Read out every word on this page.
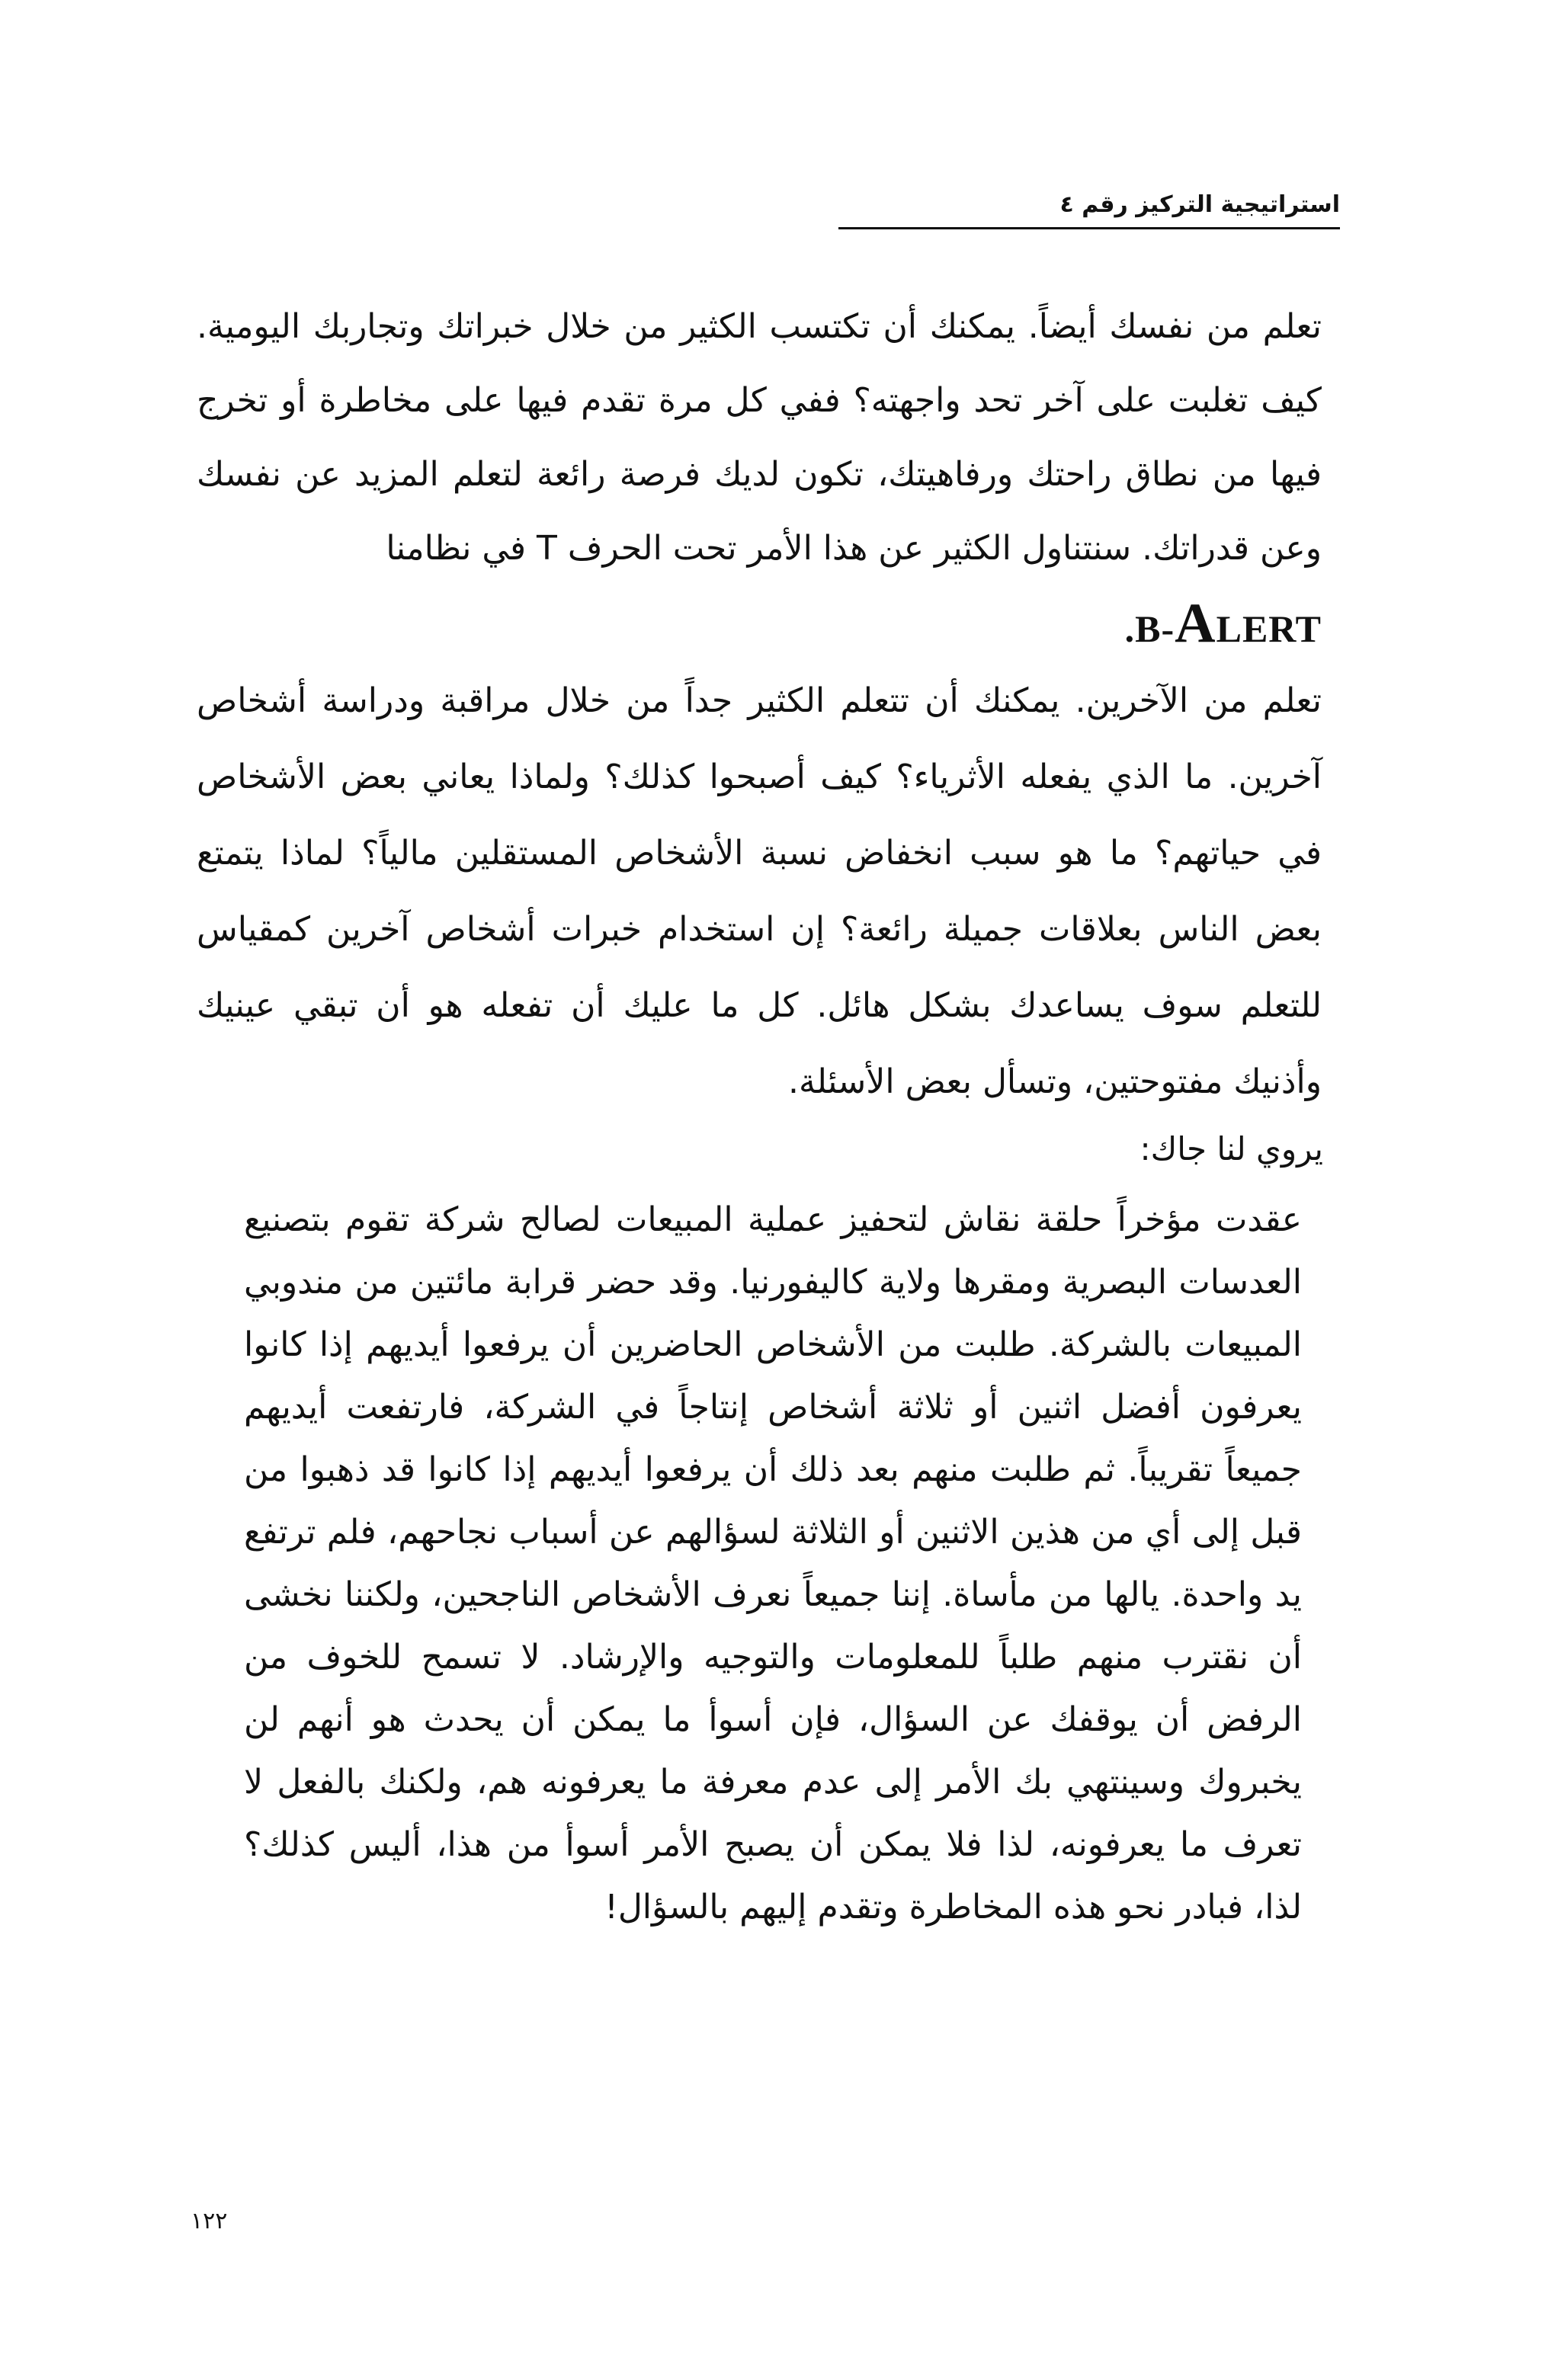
استراتيجية التركيز رقم ٤

تعلم من نفسك أيضاً. يمكنك أن تكتسب الكثير من خلال خبراتك وتجاربك اليومية. كيف تغلبت على آخر تحد واجهته؟ ففي كل مرة تقدم فيها على مخاطرة أو تخرج فيها من نطاق راحتك ورفاهيتك، تكون لديك فرصة رائعة لتعلم المزيد عن نفسك وعن قدراتك. سنتناول الكثير عن هذا الأمر تحت الحرف T في نظامنا

.B-ALERT

تعلم من الآخرين. يمكنك أن تتعلم الكثير جداً من خلال مراقبة ودراسة أشخاص آخرين. ما الذي يفعله الأثرياء؟ كيف أصبحوا كذلك؟ ولماذا يعاني بعض الأشخاص في حياتهم؟ ما هو سبب انخفاض نسبة الأشخاص المستقلين مالياً؟ لماذا يتمتع بعض الناس بعلاقات جميلة رائعة؟ إن استخدام خبرات أشخاص آخرين كمقياس للتعلم سوف يساعدك بشكل هائل. كل ما عليك أن تفعله هو أن تبقي عينيك وأذنيك مفتوحتين، وتسأل بعض الأسئلة.

يروي لنا جاك:

عقدت مؤخراً حلقة نقاش لتحفيز عملية المبيعات لصالح شركة تقوم بتصنيع العدسات البصرية ومقرها ولاية كاليفورنيا. وقد حضر قرابة مائتين من مندوبي المبيعات بالشركة. طلبت من الأشخاص الحاضرين أن يرفعوا أيديهم إذا كانوا يعرفون أفضل اثنين أو ثلاثة أشخاص إنتاجاً في الشركة، فارتفعت أيديهم جميعاً تقريباً. ثم طلبت منهم بعد ذلك أن يرفعوا أيديهم إذا كانوا قد ذهبوا من قبل إلى أي من هذين الاثنين أو الثلاثة لسؤالهم عن أسباب نجاحهم، فلم ترتفع يد واحدة. يالها من مأساة. إننا جميعاً نعرف الأشخاص الناجحين، ولكننا نخشى أن نقترب منهم طلباً للمعلومات والتوجيه والإرشاد. لا تسمح للخوف من الرفض أن يوقفك عن السؤال، فإن أسوأ ما يمكن أن يحدث هو أنهم لن يخبروك وسينتهي بك الأمر إلى عدم معرفة ما يعرفونه هم، ولكنك بالفعل لا تعرف ما يعرفونه، لذا فلا يمكن أن يصبح الأمر أسوأ من هذا، أليس كذلك؟ لذا، فبادر نحو هذه المخاطرة وتقدم إليهم بالسؤال!

١٢٢
